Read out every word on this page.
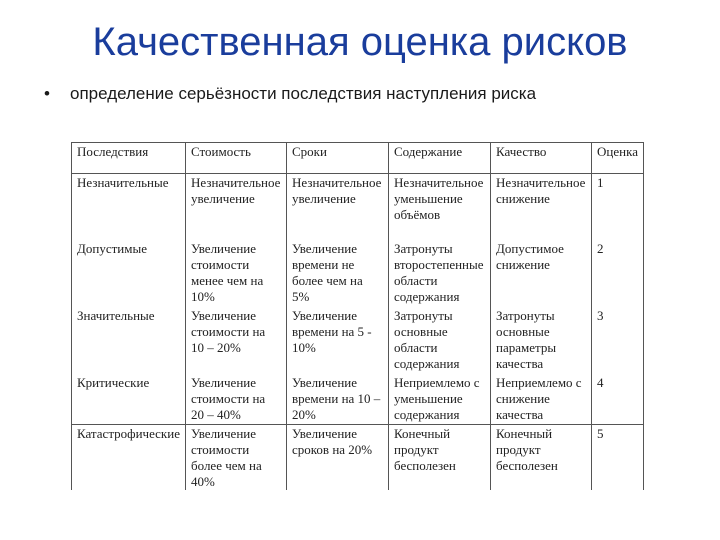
Качественная оценка рисков
• определение серьёзности последствия наступления риска
Последствия	Стоимость	Сроки	Содержание	Качество	Оценка
Незначительные	Незначительное увеличение	Незначительное увеличение	Незначительное уменьшение объёмов	Незначительное снижение	1
Допустимые	Увеличение стоимости менее чем на 10%	Увеличение времени не более чем на 5%	Затронуты второстепенные области содержания	Допустимое снижение	2
Значительные	Увеличение стоимости на 10 – 20%	Увеличение времени на 5 - 10%	Затронуты основные области содержания	Затронуты основные параметры качества	3
Критические	Увеличение стоимости на 20 – 40%	Увеличение времени на 10 – 20%	Неприемлемо с уменьшение содержания	Неприемлемо с снижение качества	4
Катастрофические	Увеличение стоимости более чем на 40%	Увеличение сроков на 20%	Конечный продукт бесполезен	Конечный продукт бесполезен	5
